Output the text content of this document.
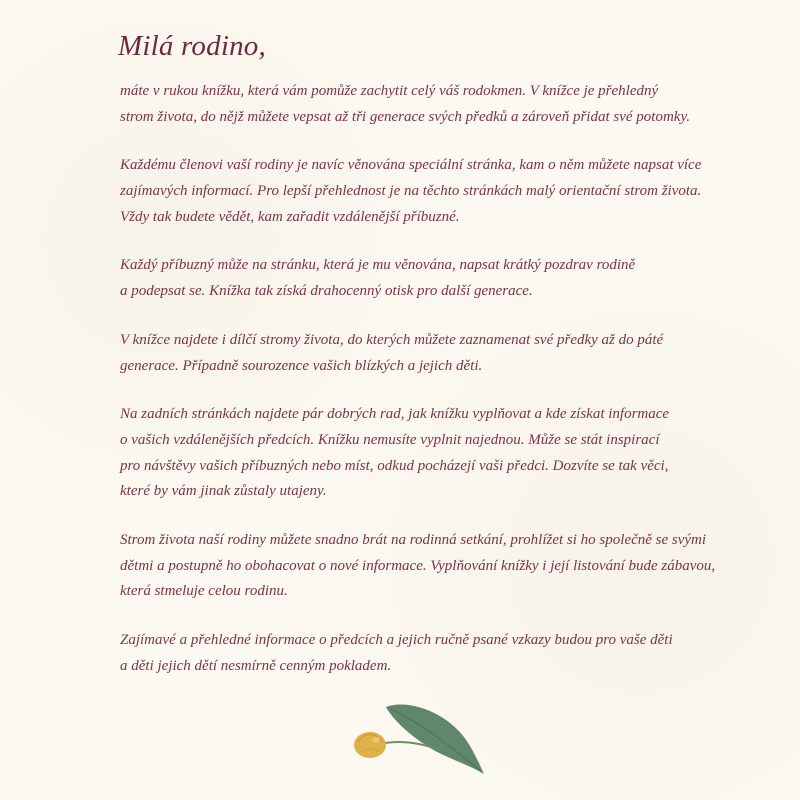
Milá rodino,

máte v rukou knížku, která vám pomůže zachytit celý váš rodokmen. V knížce je přehledný
strom života, do nějž můžete vepsat až tři generace svých předků a zároveň přidat své potomky.

Každému členovi vaší rodiny je navíc věnována speciální stránka, kam o něm můžete napsat více
zajímavých informací. Pro lepší přehlednost je na těchto stránkách malý orientační strom života.
Vždy tak budete vědět, kam zařadit vzdálenější příbuzné.

Každý příbuzný může na stránku, která je mu věnována, napsat krátký pozdrav rodině
a podepsat se. Knížka tak získá drahocenný otisk pro další generace.

V knížce najdete i dílčí stromy života, do kterých můžete zaznamenat své předky až do páté
generace. Případně sourozence vašich blízkých a jejich děti.

Na zadních stránkách najdete pár dobrých rad, jak knížku vyplňovat a kde získat informace
o vašich vzdálenějších předcích. Knížku nemusíte vyplnit najednou. Může se stát inspirací
pro návštěvy vašich příbuzných nebo míst, odkud pocházejí vaši předci. Dozvíte se tak věci,
které by vám jinak zůstaly utajeny.

Strom života naší rodiny můžete snadno brát na rodinná setkání, prohlížet si ho společně se svými
dětmi a postupně ho obohacovat o nové informace. Vyplňování knížky i její listování bude zábavou,
která stmeluje celou rodinu.

Zajímavé a přehledné informace o předcích a jejich ručně psané vzkazy budou pro vaše děti
a děti jejich dětí nesmírně cenným pokladem.
